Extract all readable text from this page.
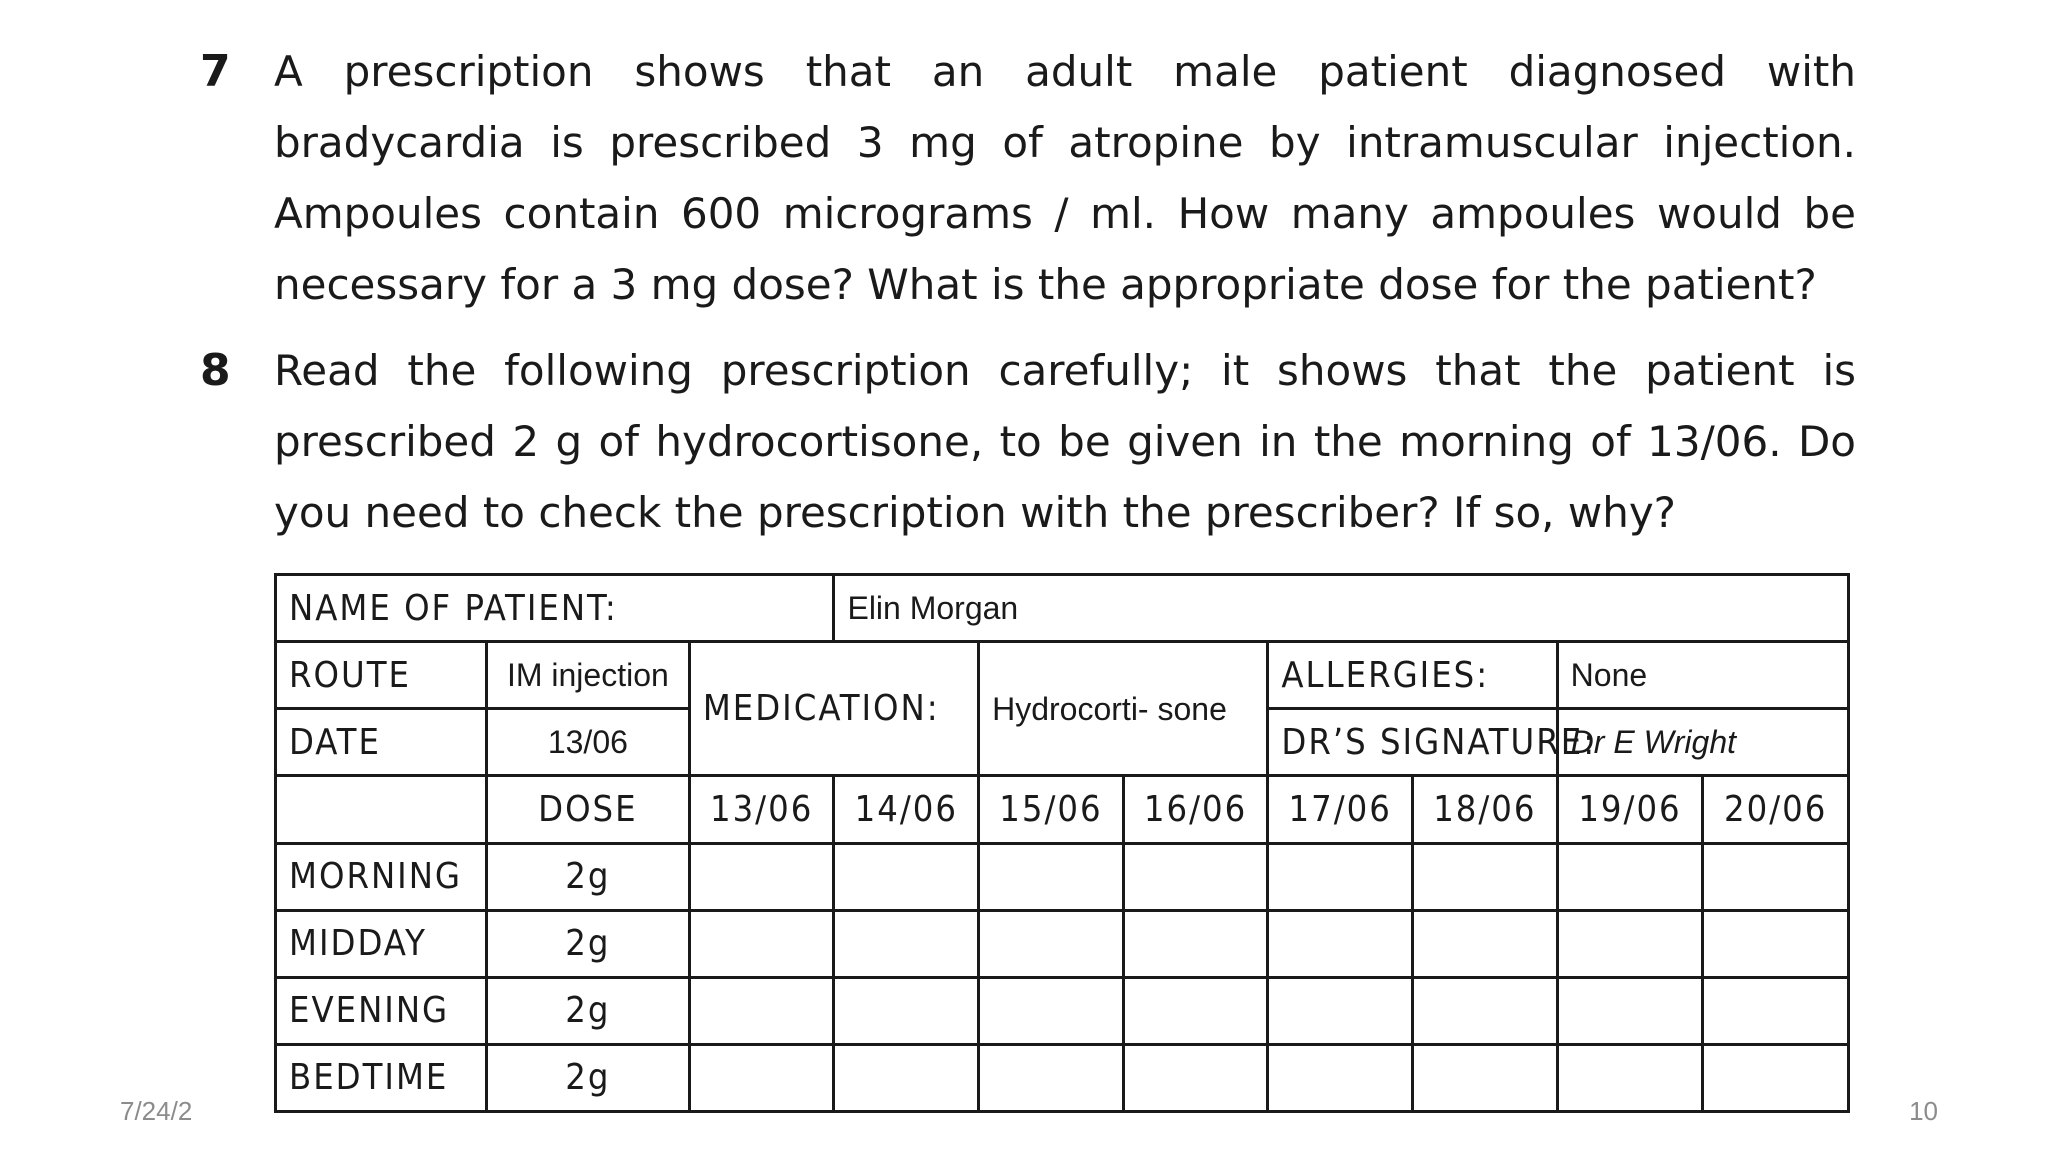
7 A prescription shows that an adult male patient diagnosed with bradycardia is prescribed 3 mg of atropine by intramuscular injection. Ampoules contain 600 micrograms / ml. How many ampoules would be necessary for a 3 mg dose? What is the appropriate dose for the patient?
8 Read the following prescription carefully; it shows that the patient is prescribed 2 g of hydrocortisone, to be given in the morning of 13/06. Do you need to check the prescription with the prescriber? If so, why?
NAME OF PATIENT:			Elin Morgan						
ROUTE	IM injection	MEDICATION:		Hydrocorti- sone		ALLERGIES:		None	
DATE	13/06					DR’S SIGNATURE:		Dr E Wright	
	DOSE	13/06	14/06	15/06	16/06	17/06	18/06	19/06	20/06
MORNING	2g								
MIDDAY	2g								
EVENING	2g								
BEDTIME	2g								
7/24/2	10
